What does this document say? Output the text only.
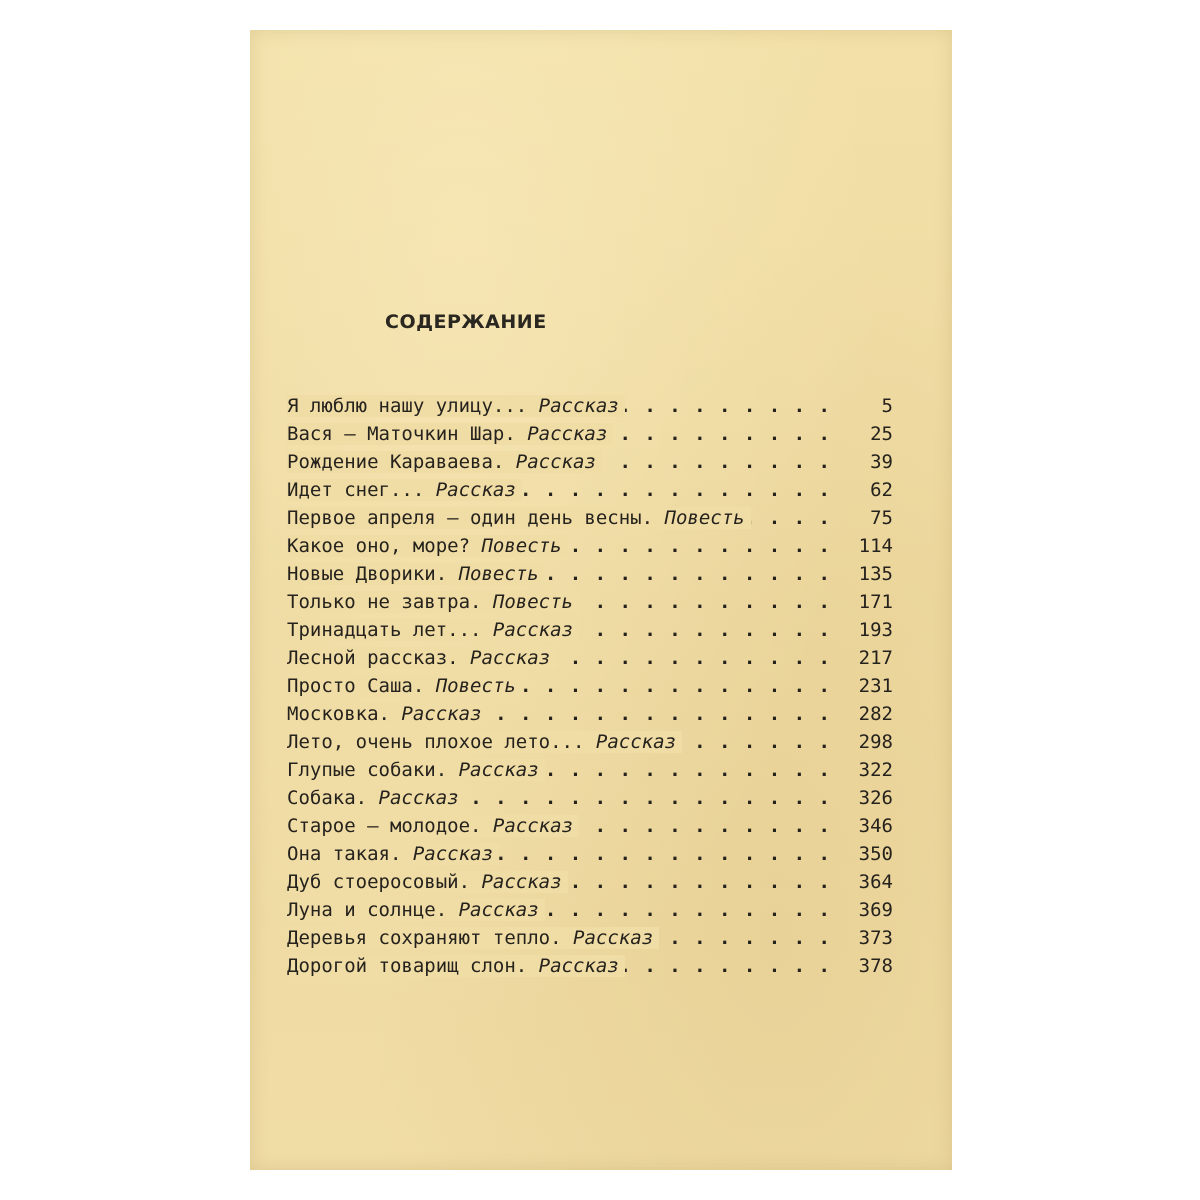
СОДЕРЖАНИЕ
. .
Я люблю нашу улицу... Рассказ	5
. .
Вася — Маточкин Шар. Рассказ	25
. .
Рождение Караваева. Рассказ	39
. .
Идет снег... Рассказ	62
. .
Первое апреля — один день весны. Повесть	75
. .
Какое оно, море? Повесть	114
. .
Новые Дворики. Повесть	135
. .
Только не завтра. Повесть	171
. .
Тринадцать лет... Рассказ	193
. .
Лесной рассказ. Рассказ	217
. .
Просто Саша. Повесть	231
. .
Московка. Рассказ	282
. .
Лето, очень плохое лето... Рассказ	298
. .
Глупые собаки. Рассказ	322
. .
Собака. Рассказ	326
. .
Старое — молодое. Рассказ	346
. .
Она такая. Рассказ	350
. .
Дуб стоеросовый. Рассказ	364
. .
Луна и солнце. Рассказ	369
. .
Деревья сохраняют тепло. Рассказ	373
. .
Дорогой товарищ слон. Рассказ	378
